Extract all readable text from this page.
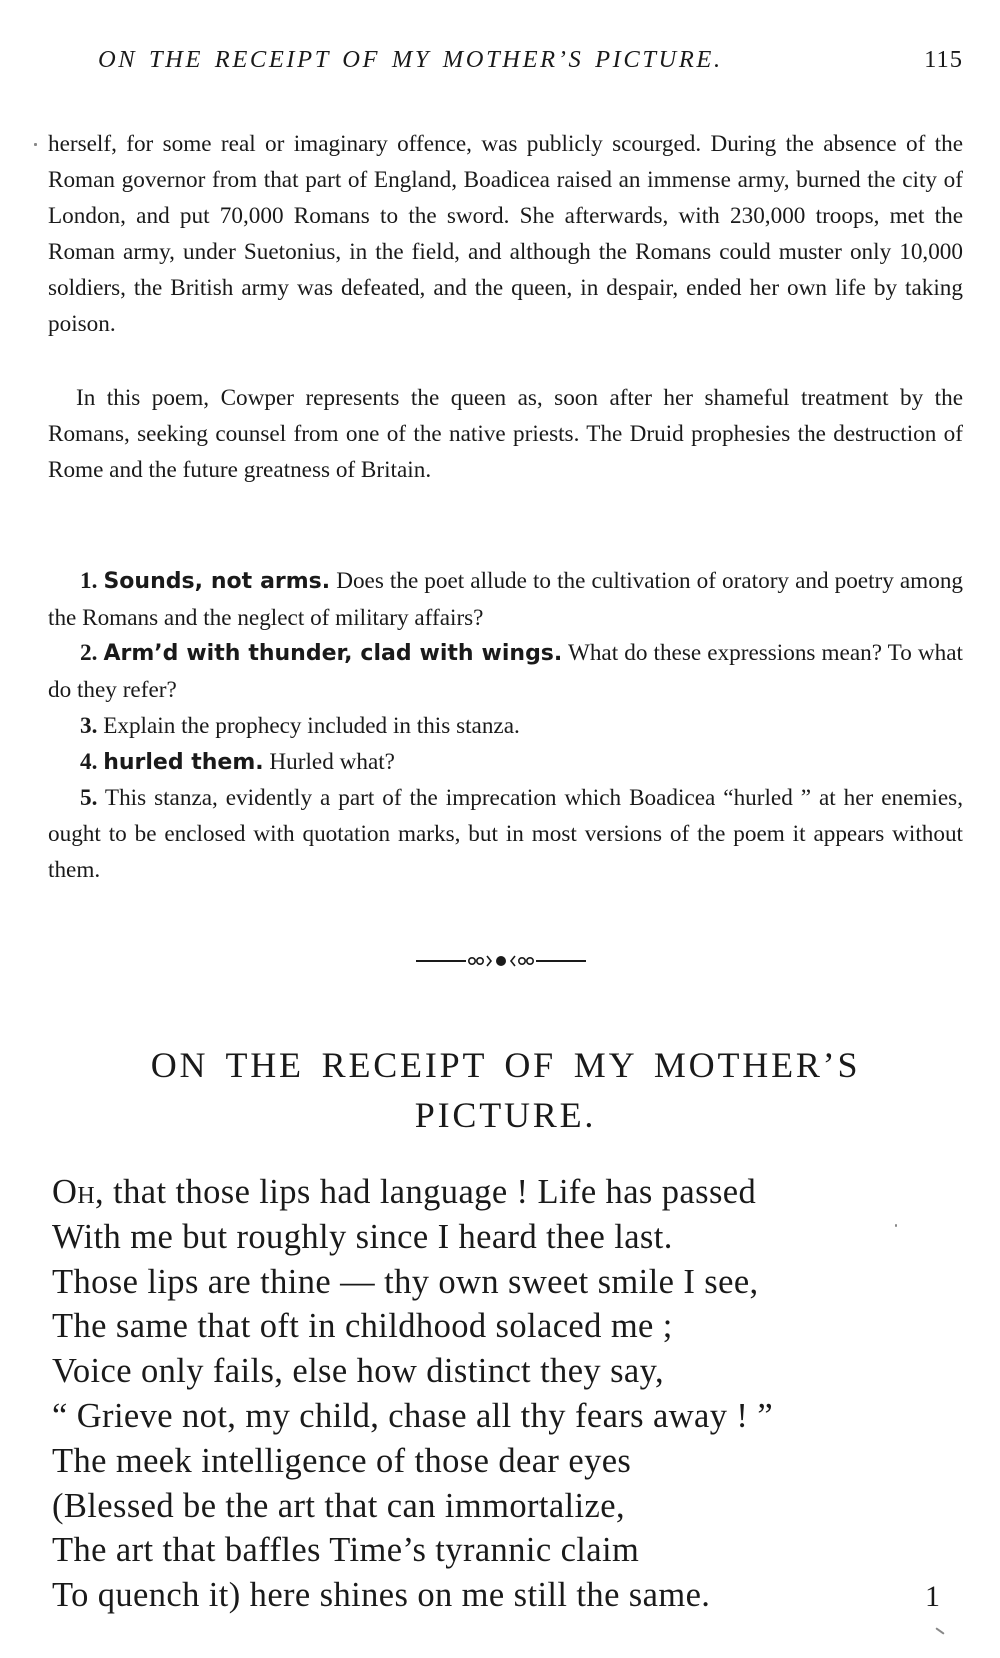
ON THE RECEIPT OF MY MOTHER’S PICTURE.	115

herself, for some real or imaginary offence, was publicly scourged. During the absence of the Roman governor from that part of England, Boadicea raised an immense army, burned the city of London, and put 70,000 Romans to the sword. She afterwards, with 230,000 troops, met the Roman army, under Suetonius, in the field, and although the Romans could muster only 10,000 soldiers, the British army was defeated, and the queen, in despair, ended her own life by taking poison.

In this poem, Cowper represents the queen as, soon after her shameful treatment by the Romans, seeking counsel from one of the native priests. The Druid prophesies the destruction of Rome and the future greatness of Britain.

1. Sounds, not arms. Does the poet allude to the cultivation of oratory and poetry among the Romans and the neglect of military affairs?

2. Arm’d with thunder, clad with wings. What do these expressions mean? To what do they refer?

3. Explain the prophecy included in this stanza.

4. hurled them. Hurled what?

5. This stanza, evidently a part of the imprecation which Boadicea “hurled ” at her enemies, ought to be enclosed with quotation marks, but in most versions of the poem it appears without them.

ON THE RECEIPT OF MY MOTHER’S
PICTURE.
Oh, that those lips had language ! Life has passed
With me but roughly since I heard thee last.
Those lips are thine — thy own sweet smile I see,
The same that oft in childhood solaced me ;
Voice only fails, else how distinct they say,
“ Grieve not, my child, chase all thy fears away ! ”
The meek intelligence of those dear eyes
(Blessed be the art that can immortalize,
The art that baffles Time’s tyrannic claim
To quench it) here shines on me still the same.	1
